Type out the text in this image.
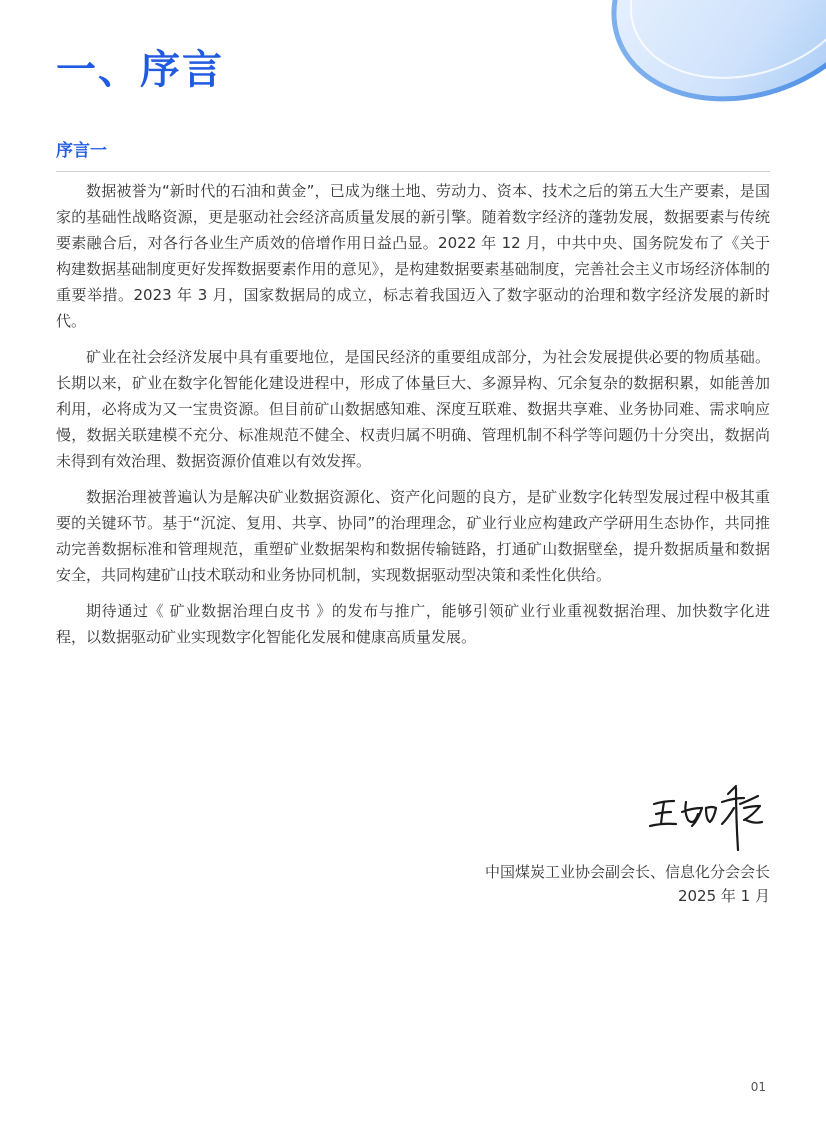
一、序言
序言一

数据被誉为“新时代的石油和黄金”，已成为继土地、劳动力、资本、技术之后的第五大生产要素，是国家的基础性战略资源，更是驱动社会经济高质量发展的新引擎。随着数字经济的蓬勃发展，数据要素与传统要素融合后，对各行各业生产质效的倍增作用日益凸显。2022 年 12 月，中共中央、国务院发布了《关于构建数据基础制度更好发挥数据要素作用的意见》，是构建数据要素基础制度，完善社会主义市场经济体制的重要举措。2023 年 3 月，国家数据局的成立，标志着我国迈入了数字驱动的治理和数字经济发展的新时代。

矿业在社会经济发展中具有重要地位，是国民经济的重要组成部分，为社会发展提供必要的物质基础。长期以来，矿业在数字化智能化建设进程中，形成了体量巨大、多源异构、冗余复杂的数据积累，如能善加利用，必将成为又一宝贵资源。但目前矿山数据感知难、深度互联难、数据共享难、业务协同难、需求响应慢，数据关联建模不充分、标准规范不健全、权责归属不明确、管理机制不科学等问题仍十分突出，数据尚未得到有效治理、数据资源价值难以有效发挥。

数据治理被普遍认为是解决矿业数据资源化、资产化问题的良方，是矿业数字化转型发展过程中极其重要的关键环节。基于“沉淀、复用、共享、协同”的治理理念，矿业行业应构建政产学研用生态协作，共同推动完善数据标准和管理规范，重塑矿业数据架构和数据传输链路，打通矿山数据壁垒，提升数据质量和数据安全，共同构建矿山技术联动和业务协同机制，实现数据驱动型决策和柔性化供给。

期待通过《 矿业数据治理白皮书 》的发布与推广，能够引领矿业行业重视数据治理、加快数字化进程，以数据驱动矿业实现数字化智能化发展和健康高质量发展。

中国煤炭工业协会副会长、信息化分会会长
2025 年 1 月
01
